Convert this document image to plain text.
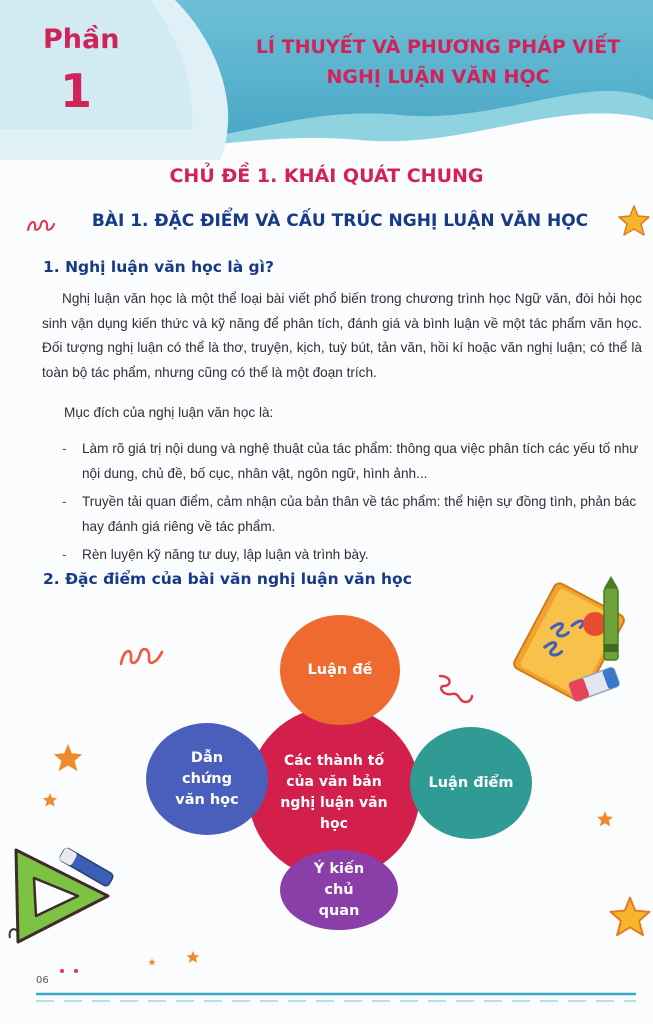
Phần
1
LÍ THUYẾT VÀ PHƯƠNG PHÁP VIẾT
NGHỊ LUẬN VĂN HỌC
CHỦ ĐỀ 1. KHÁI QUÁT CHUNG
BÀI 1. ĐẶC ĐIỂM VÀ CẤU TRÚC NGHỊ LUẬN VĂN HỌC
1. Nghị luận văn học là gì?

Nghị luận văn học là một thể loại bài viết phổ biến trong chương trình học Ngữ văn, đòi hỏi học sinh vận dụng kiến thức và kỹ năng để phân tích, đánh giá và bình luận về một tác phẩm văn học. Đối tượng nghị luận có thể là thơ, truyện, kịch, tuỳ bút, tản văn, hồi kí hoặc văn nghị luận; có thể là toàn bộ tác phẩm, nhưng cũng có thể là một đoạn trích.

Mục đích của nghị luận văn học là:
- Làm rõ giá trị nội dung và nghệ thuật của tác phẩm: thông qua việc phân tích các yếu tố như nội dung, chủ đề, bố cục, nhân vật, ngôn ngữ, hình ảnh...
- Truyền tải quan điểm, cảm nhận của bản thân về tác phẩm: thể hiện sự đồng tình, phản bác hay đánh giá riêng về tác phẩm.
- Rèn luyện kỹ năng tư duy, lập luận và trình bày.
2. Đặc điểm của bài văn nghị luận văn học
Các thành tố của văn bản nghị luận văn học
Luận đề
Dẫn chứng văn học
Luận điểm
Ý kiến chủ quan
06
